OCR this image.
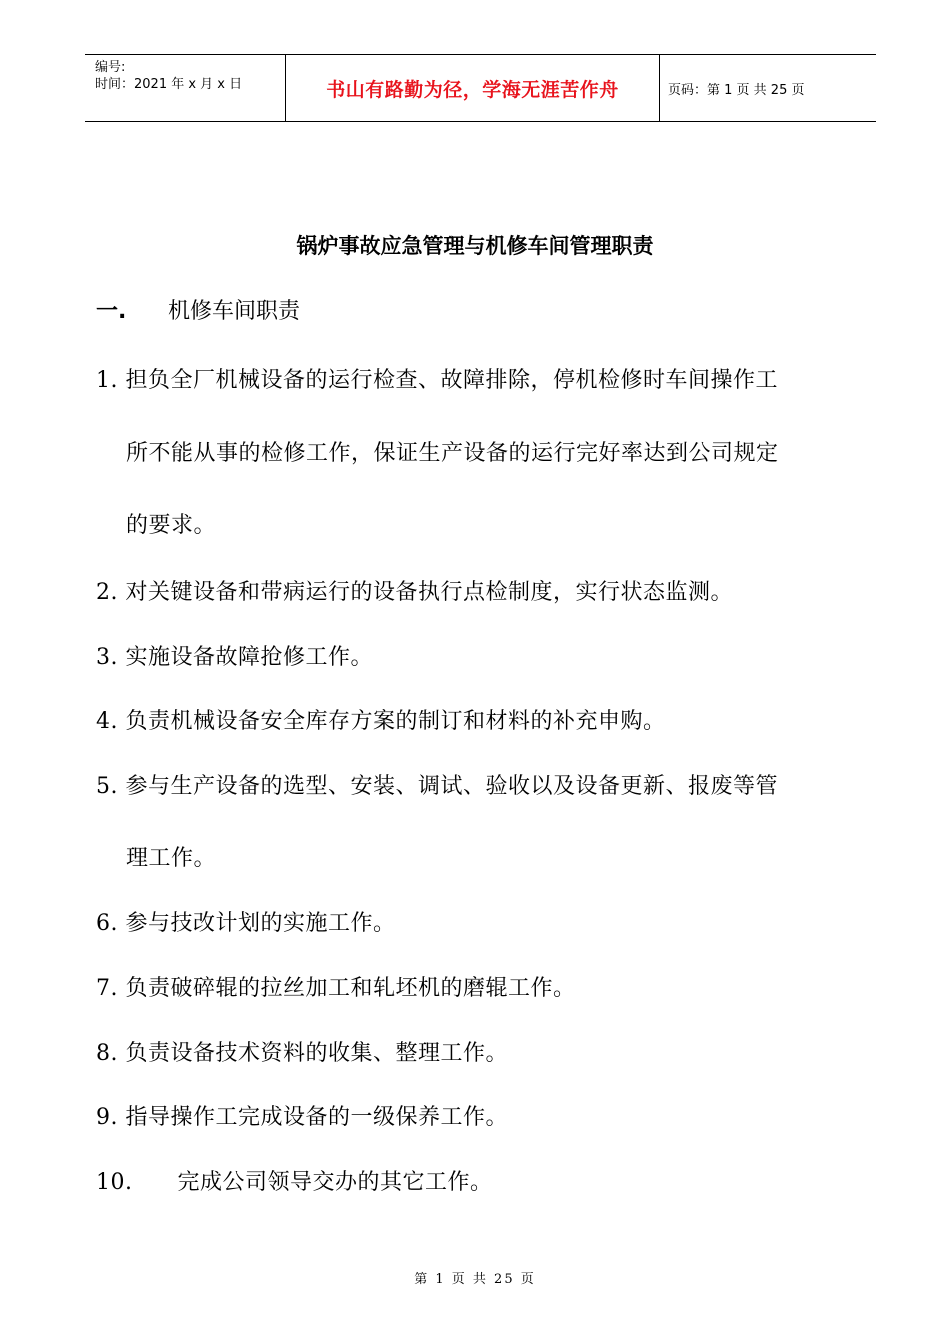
编号:
时间：2021 年 x 月 x 日	书山有路勤为径，学海无涯苦作舟	页码：第 1 页 共 25 页
锅炉事故应急管理与机修车间管理职责
一.	机修车间职责
1. 担负全厂机械设备的运行检查、故障排除，停机检修时车间操作工
所不能从事的检修工作，保证生产设备的运行完好率达到公司规定
的要求。
2. 对关键设备和带病运行的设备执行点检制度，实行状态监测。
3. 实施设备故障抢修工作。
4. 负责机械设备安全库存方案的制订和材料的补充申购。
5. 参与生产设备的选型、安装、调试、验收以及设备更新、报废等管
理工作。
6. 参与技改计划的实施工作。
7. 负责破碎辊的拉丝加工和轧坯机的磨辊工作。
8. 负责设备技术资料的收集、整理工作。
9. 指导操作工完成设备的一级保养工作。
10.      完成公司领导交办的其它工作。
第 1 页 共 25 页
